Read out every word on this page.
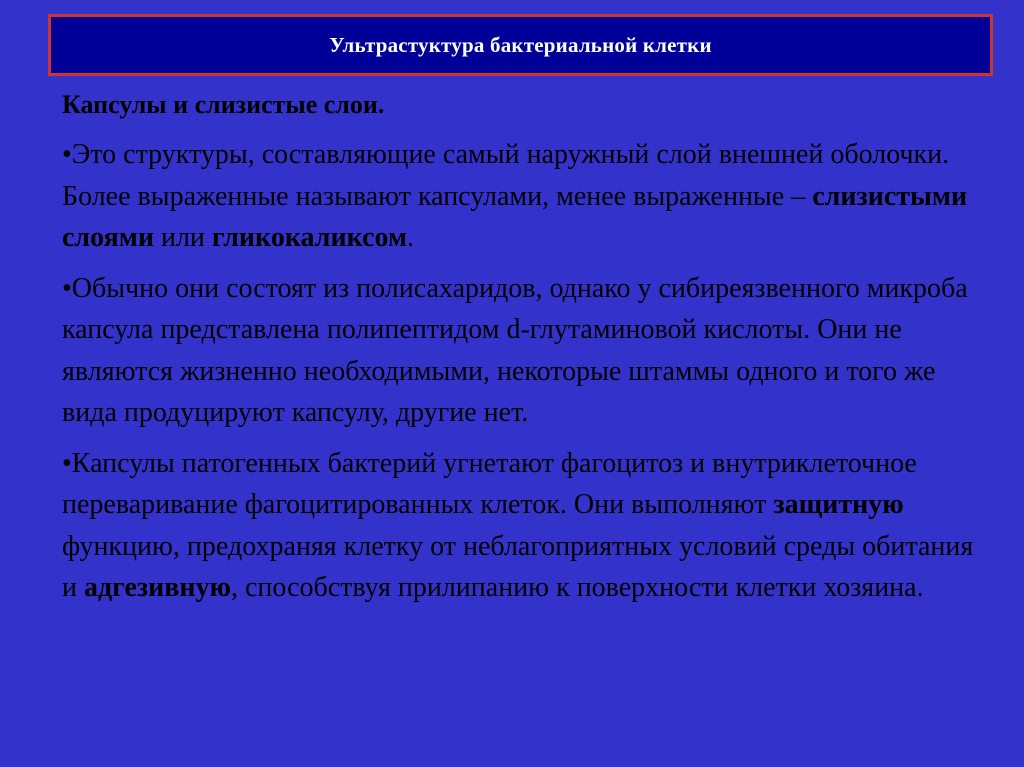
Ультрастуктура бактериальной клетки
Капсулы и слизистые слои.

•Это структуры, составляющие самый наружный слой внешней оболочки. Более выраженные называют капсулами, менее выраженные – слизистыми слоями или гликокаликсом.

•Обычно они состоят из полисахаридов, однако у сибиреязвенного микроба капсула представлена полипептидом d-глутаминовой кислоты. Они не являются жизненно необходимыми, некоторые штаммы одного и того же вида продуцируют капсулу, другие нет.

•Капсулы патогенных бактерий угнетают фагоцитоз и внутриклеточное переваривание фагоцитированных клеток. Они выполняют защитную функцию, предохраняя клетку от неблагоприятных условий среды обитания и адгезивную, способствуя прилипанию к поверхности клетки хозяина.
